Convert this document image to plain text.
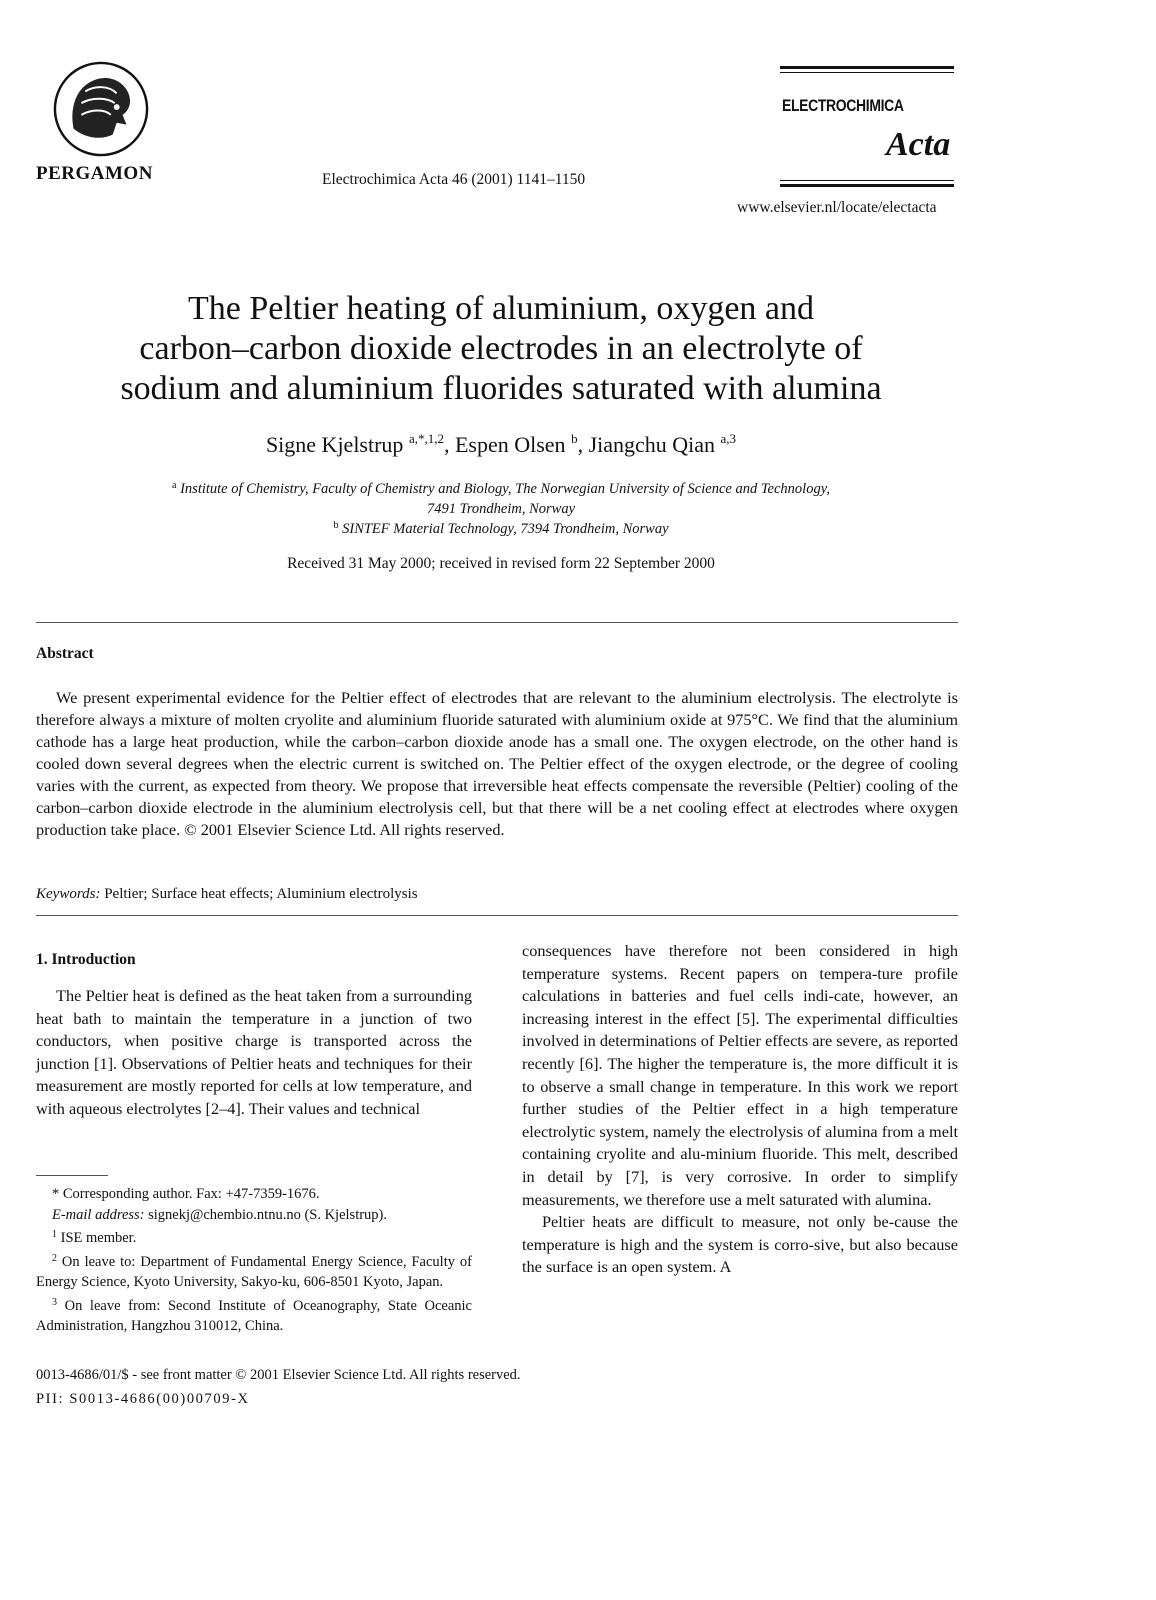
PERGAMON	Electrochimica Acta 46 (2001) 1141–1150
ELECTROCHIMICA
Acta
www.elsevier.nl/locate/electacta
The Peltier heating of aluminium, oxygen and
carbon–carbon dioxide electrodes in an electrolyte of
sodium and aluminium fluorides saturated with alumina
Signe Kjelstrup $^{a,*,1,2}$, Espen Olsen $^b$, Jiangchu Qian $^{a,3}$
$^a$ Institute of Chemistry, Faculty of Chemistry and Biology, The Norwegian University of Science and Technology,
7491 Trondheim, Norway
$^b$ SINTEF Material Technology, 7394 Trondheim, Norway
Received 31 May 2000; received in revised form 22 September 2000
Abstract

We present experimental evidence for the Peltier effect of electrodes that are relevant to the aluminium electrolysis. The electrolyte is therefore always a mixture of molten cryolite and aluminium fluoride saturated with aluminium oxide at 975°C. We find that the aluminium cathode has a large heat production, while the carbon–carbon dioxide anode has a small one. The oxygen electrode, on the other hand is cooled down several degrees when the electric current is switched on. The Peltier effect of the oxygen electrode, or the degree of cooling varies with the current, as expected from theory. We propose that irreversible heat effects compensate the reversible (Peltier) cooling of the carbon–carbon dioxide electrode in the aluminium electrolysis cell, but that there will be a net cooling effect at electrodes where oxygen production take place. © 2001 Elsevier Science Ltd. All rights reserved.

Keywords: Peltier; Surface heat effects; Aluminium electrolysis
1. Introduction

The Peltier heat is defined as the heat taken from a surrounding heat bath to maintain the temperature in a junction of two conductors, when positive charge is transported across the junction [1]. Observations of Peltier heats and techniques for their measurement are mostly reported for cells at low temperature, and with aqueous electrolytes [2–4]. Their values and technical

* Corresponding author. Fax: +47-7359-1676.

E-mail address: signekj@chembio.ntnu.no (S. Kjelstrup).

$^1$ ISE member.

$^2$ On leave to: Department of Fundamental Energy Science, Faculty of Energy Science, Kyoto University, Sakyo-ku, 606-8501 Kyoto, Japan.

$^3$ On leave from: Second Institute of Oceanography, State Oceanic Administration, Hangzhou 310012, China.

consequences have therefore not been considered in high temperature systems. Recent papers on tempera-ture profile calculations in batteries and fuel cells indi-cate, however, an increasing interest in the effect [5]. The experimental difficulties involved in determinations of Peltier effects are severe, as reported recently [6]. The higher the temperature is, the more difficult it is to observe a small change in temperature. In this work we report further studies of the Peltier effect in a high temperature electrolytic system, namely the electrolysis of alumina from a melt containing cryolite and alu-minium fluoride. This melt, described in detail by [7], is very corrosive. In order to simplify measurements, we therefore use a melt saturated with alumina.

Peltier heats are difficult to measure, not only be-cause the temperature is high and the system is corro-sive, but also because the surface is an open system. A

0013-4686/01/$ - see front matter © 2001 Elsevier Science Ltd. All rights reserved.
PII: S0013-4686(00)00709-X
